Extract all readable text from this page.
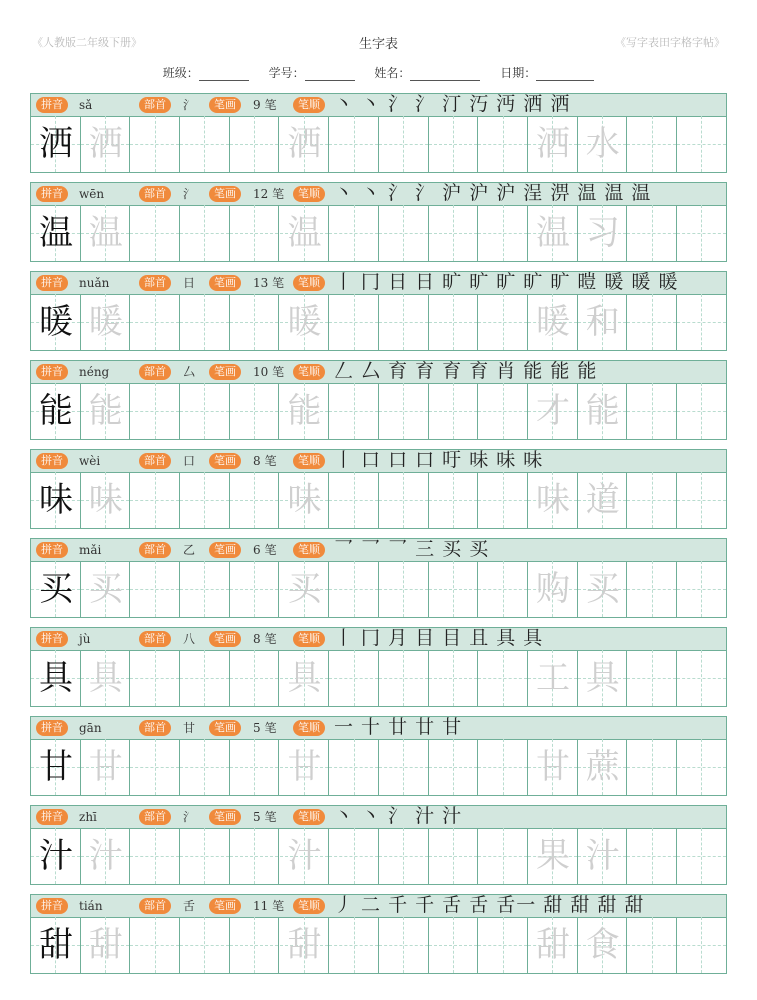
《人教版二年级下册》	生字表	《写字表田字格字帖》
班级：	学号：	姓名：	日期：
拼音	sǎ	部首	氵	笔画	9 笔	笔顺 丶 丶 氵 氵 汀 汅 沔 洒 洒
洒 洒	洒	洒 水
拼音	wēn	部首	氵	笔画	12 笔	笔顺 丶 丶 氵 氵 沪 沪 沪 浧 淠 温 温 温
温 温	温	温 习
拼音	nuǎn	部首	日	笔画	13 笔	笔顺 丨 冂 日 日 旷 旷 旷 旷 旷 暟 暖 暖 暖
暖 暖	暖	暖 和
拼音	néng	部首	厶	笔画	10 笔	笔顺 𠃋 厶 育 育 育 育 肖 能 能 能
能 能	能	才 能
拼音	wèi	部首	口	笔画	8 笔	笔顺 丨 口 口 口 吁 味 味 味
味 味	味	味 道
拼音	mǎi	部首	乙	笔画	6 笔	笔顺 乛 乛 乛 三 买 买
买 买	买	购 买
拼音	jù	部首	八	笔画	8 笔	笔顺 丨 冂 月 目 目 且 具 具
具 具	具	工 具
拼音	gān	部首	甘	笔画	5 笔	笔顺 一 十 廿 廿 甘
甘 甘	甘	甘 蔗
拼音	zhī	部首	氵	笔画	5 笔	笔顺 丶 丶 氵 汁 汁
汁 汁	汁	果 汁
拼音	tián	部首	舌	笔画	11 笔	笔顺 丿 二 千 千 舌 舌 舌一 甜 甜 甜 甜
甜 甜	甜	甜 食
